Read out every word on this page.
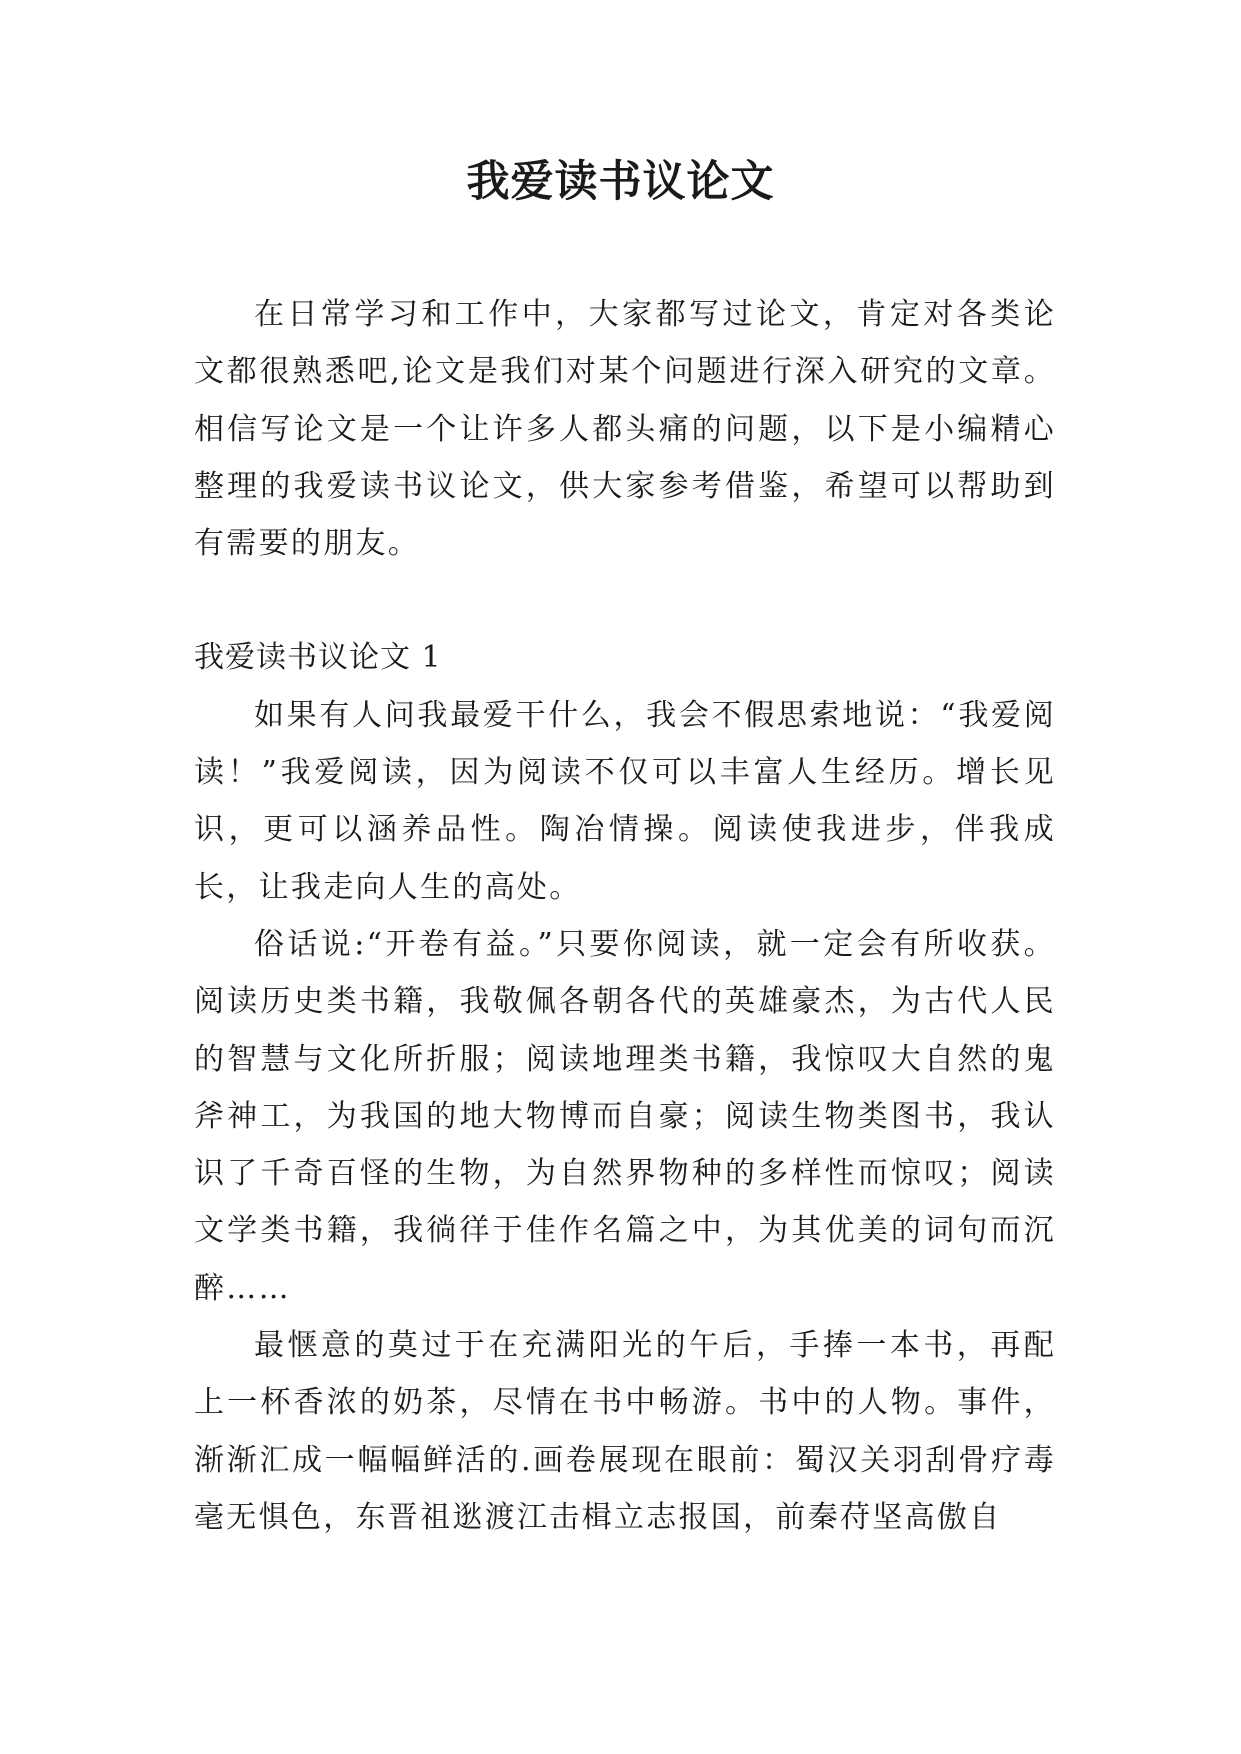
我爱读书议论文

在日常学习和工作中，大家都写过论文，肯定对各类论文都很熟悉吧,论文是我们对某个问题进行深入研究的文章。相信写论文是一个让许多人都头痛的问题，以下是小编精心整理的我爱读书议论文，供大家参考借鉴，希望可以帮助到有需要的朋友。

我爱读书议论文 1

如果有人问我最爱干什么，我会不假思索地说：“我爱阅读！”我爱阅读，因为阅读不仅可以丰富人生经历。增长见识，更可以涵养品性。陶冶情操。阅读使我进步，伴我成长，让我走向人生的高处。

俗话说:“开卷有益。”只要你阅读，就一定会有所收获。阅读历史类书籍，我敬佩各朝各代的英雄豪杰，为古代人民的智慧与文化所折服；阅读地理类书籍，我惊叹大自然的鬼斧神工，为我国的地大物博而自豪；阅读生物类图书，我认识了千奇百怪的生物，为自然界物种的多样性而惊叹；阅读文学类书籍，我徜徉于佳作名篇之中，为其优美的词句而沉醉……

最惬意的莫过于在充满阳光的午后，手捧一本书，再配上一杯香浓的奶茶，尽情在书中畅游。书中的人物。事件，渐渐汇成一幅幅鲜活的.画卷展现在眼前：蜀汉关羽刮骨疗毒毫无惧色，东晋祖逖渡江击楫立志报国，前秦苻坚高傲自
